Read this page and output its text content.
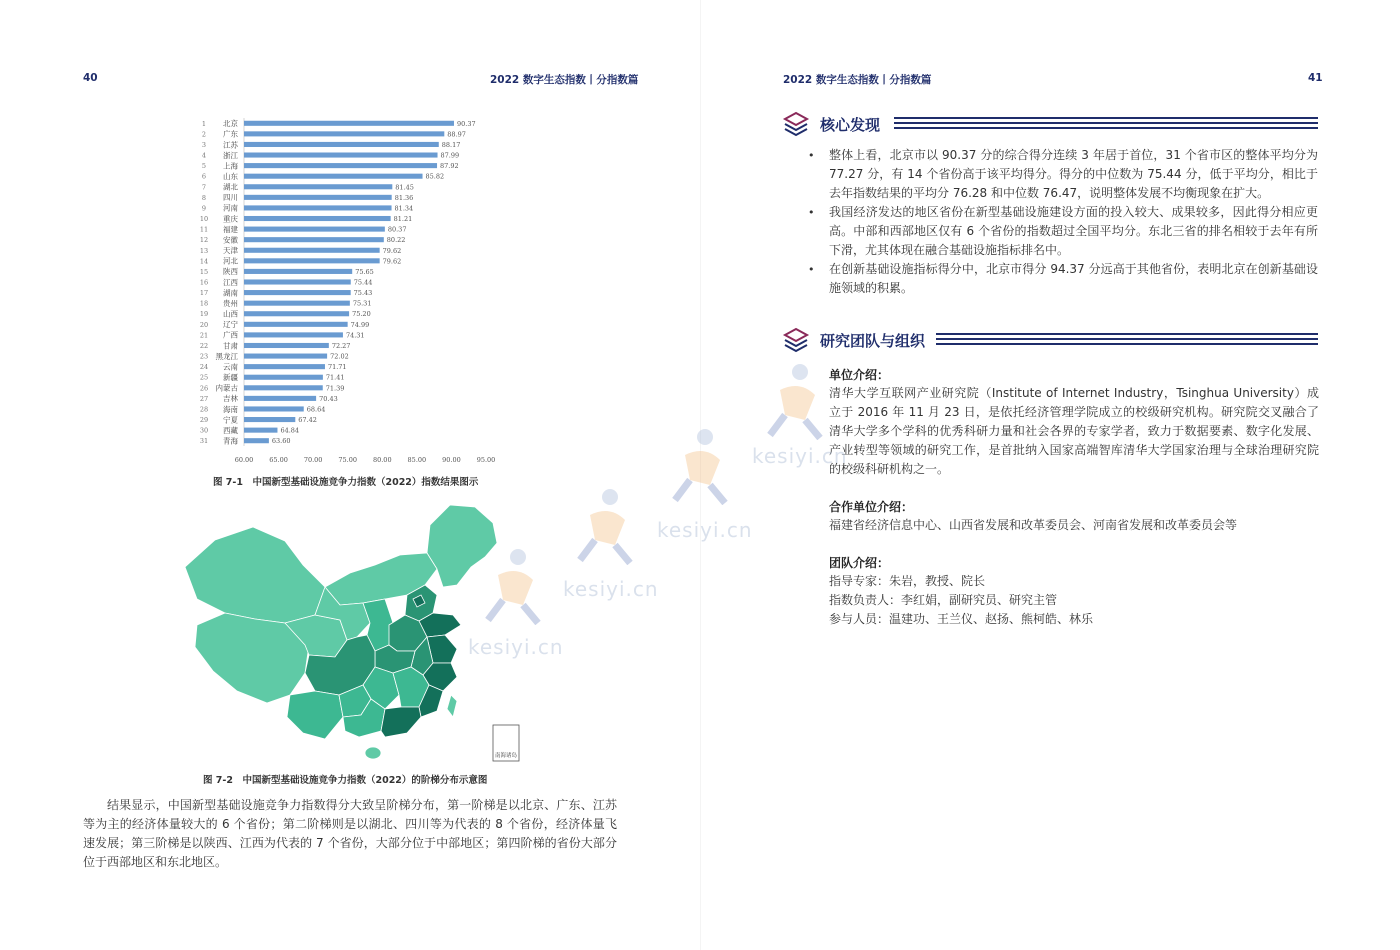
40	2022 数字生态指数丨分指数篇
1 北京	90.37
2 广东	88.97
3 江苏	88.17
4 浙江	87.99
5 上海	87.92
6 山东	85.82
7 湖北	81.45
8 四川	81.36
9 河南	81.34
10 重庆	81.21
11 福建	80.37
12 安徽	80.22
13 天津	79.62
14 河北	79.62
15 陕西	75.65
16 江西	75.44
17 湖南	75.43
18 贵州	75.31
19 山西	75.20
20 辽宁	74.99
21 广西	74.31
22 甘肃	72.27
23 黑龙江	72.02
24 云南	71.71
25 新疆	71.41
26 内蒙古	71.39
27 吉林	70.43
28 海南	68.64
29 宁夏	67.42
30 西藏	64.84
31 青海	63.60
60.00 65.00 70.00 75.00 80.00 85.00 90.00 95.00
图 7-1　中国新型基础设施竞争力指数（2022）指数结果图示
南海诸岛
图 7-2　中国新型基础设施竞争力指数（2022）的阶梯分布示意图

结果显示，中国新型基础设施竞争力指数得分大致呈阶梯分布，第一阶梯是以北京、广东、江苏等为主的经济体量较大的 6 个省份；第二阶梯则是以湖北、四川等为代表的 8 个省份，经济体量飞速发展；第三阶梯是以陕西、江西为代表的 7 个省份，大部分位于中部地区；第四阶梯的省份大部分位于西部地区和东北地区。

2022 数字生态指数丨分指数篇	41
核心发现
• 整体上看，北京市以 90.37 分的综合得分连续 3 年居于首位，31 个省市区的整体平均分为 77.27 分，有 14 个省份高于该平均得分。得分的中位数为 75.44 分，低于平均分，相比于去年指数结果的平均分 76.28 和中位数 76.47，说明整体发展不均衡现象在扩大。
• 我国经济发达的地区省份在新型基础设施建设方面的投入较大、成果较多，因此得分相应更高。中部和西部地区仅有 6 个省份的指数超过全国平均分。东北三省的排名相较于去年有所下滑，尤其体现在融合基础设施指标排名中。
• 在创新基础设施指标得分中，北京市得分 94.37 分远高于其他省份，表明北京在创新基础设施领域的积累。
研究团队与组织
单位介绍：

清华大学互联网产业研究院（Institute of Internet Industry，Tsinghua University）成立于 2016 年 11 月 23 日，是依托经济管理学院成立的校级研究机构。研究院交叉融合了清华大学多个学科的优秀科研力量和社会各界的专家学者，致力于数据要素、数字化发展、产业转型等领域的研究工作，是首批纳入国家高端智库清华大学国家治理与全球治理研究院的校级科研机构之一。

合作单位介绍：

福建省经济信息中心、山西省发展和改革委员会、河南省发展和改革委员会等

团队介绍：

指导专家：朱岩，教授、院长

指数负责人：李红娟，副研究员、研究主管

参与人员：温建功、王兰仪、赵扬、熊柯皓、林乐

kesiyi.cn
kesiyi.cn
kesiyi.cn
kesiyi.cn
